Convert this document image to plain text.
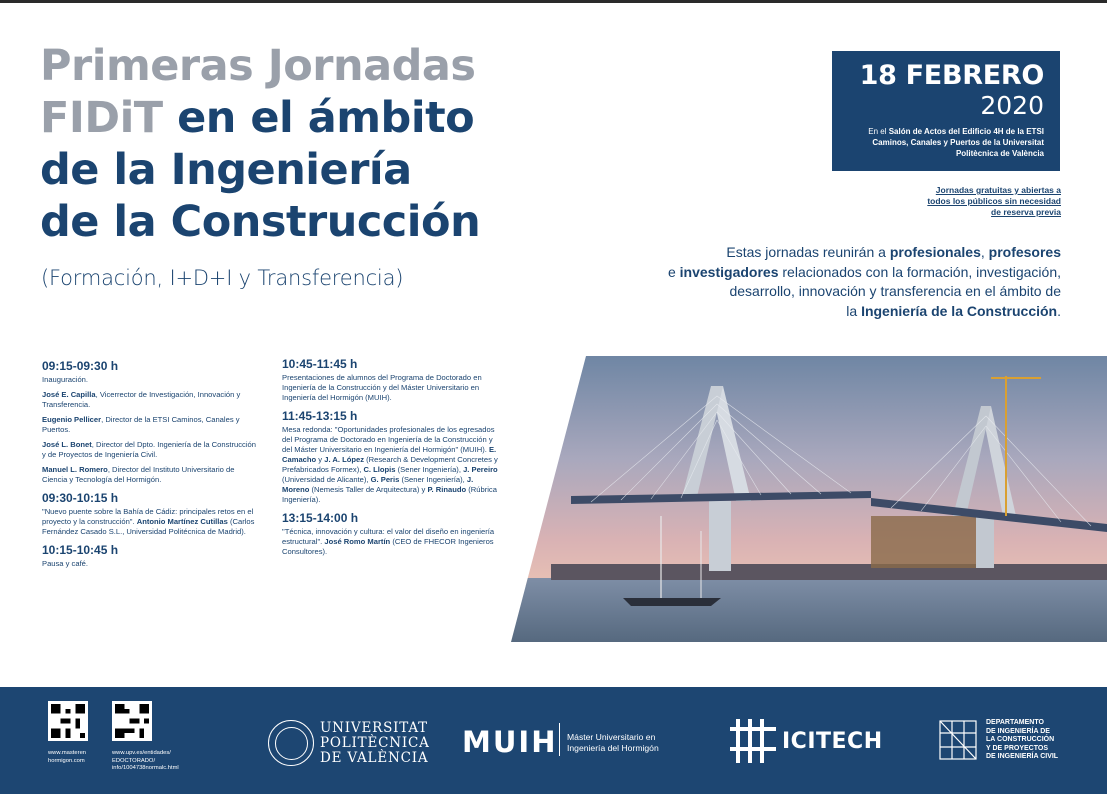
Primeras Jornadas
FIDiT en el ámbito
de la Ingeniería
de la Construcción
(Formación, I+D+I y Transferencia)
18 FEBRERO
2020
En el Salón de Actos del Edificio 4H de la ETSI Caminos, Canales y Puertos de la Universitat Politècnica de València
Jornadas gratuitas y abiertas a
todos los públicos sin necesidad
de reserva previa
Estas jornadas reunirán a profesionales, profesores
e investigadores relacionados con la formación, investigación,
desarrollo, innovación y transferencia en el ámbito de
la Ingeniería de la Construcción.
09:15-09:30 h
Inauguración.
José E. Capilla, Vicerrector de Investigación, Innovación y Transferencia.
Eugenio Pellicer, Director de la ETSI Caminos, Canales y Puertos.
José L. Bonet, Director del Dpto. Ingeniería de la Construcción y de Proyectos de Ingeniería Civil.
Manuel L. Romero, Director del Instituto Universitario de Ciencia y Tecnología del Hormigón.
09:30-10:15 h
"Nuevo puente sobre la Bahía de Cádiz: principales retos en el proyecto y la construcción". Antonio Martínez Cutillas (Carlos Fernández Casado S.L., Universidad Politécnica de Madrid).
10:15-10:45 h
Pausa y café.
10:45-11:45 h
Presentaciones de alumnos del Programa de Doctorado en Ingeniería de la Construcción y del Máster Universitario en Ingeniería del Hormigón (MUIH).
11:45-13:15 h
Mesa redonda: "Oportunidades profesionales de los egresados del Programa de Doctorado en Ingeniería de la Construcción y del Máster Universitario en Ingeniería del Hormigón" (MUIH). E. Camacho y J. A. López (Research & Development Concretes y Prefabricados Formex), C. Llopis (Sener Ingeniería), J. Pereiro (Universidad de Alicante), G. Peris (Sener Ingeniería), J. Moreno (Nemesis Taller de Arquitectura) y P. Rinaudo (Rúbrica Ingeniería).
13:15-14:00 h
"Técnica, innovación y cultura: el valor del diseño en ingeniería estructural". José Romo Martín (CEO de FHECOR Ingenieros Consultores).
www.masteren
hormigon.com
www.upv.es/entidades/
EDOCTORADO/
info/1004738normalc.html
UNIVERSITAT
POLITÈCNICA
DE VALÈNCIA MUIH Máster Universitario en
Ingeniería del Hormigón	ICITECH
DEPARTAMENTO
DE INGENIERÍA DE
LA CONSTRUCCIÓN
Y DE PROYECTOS
DE INGENIERÍA CIVIL
